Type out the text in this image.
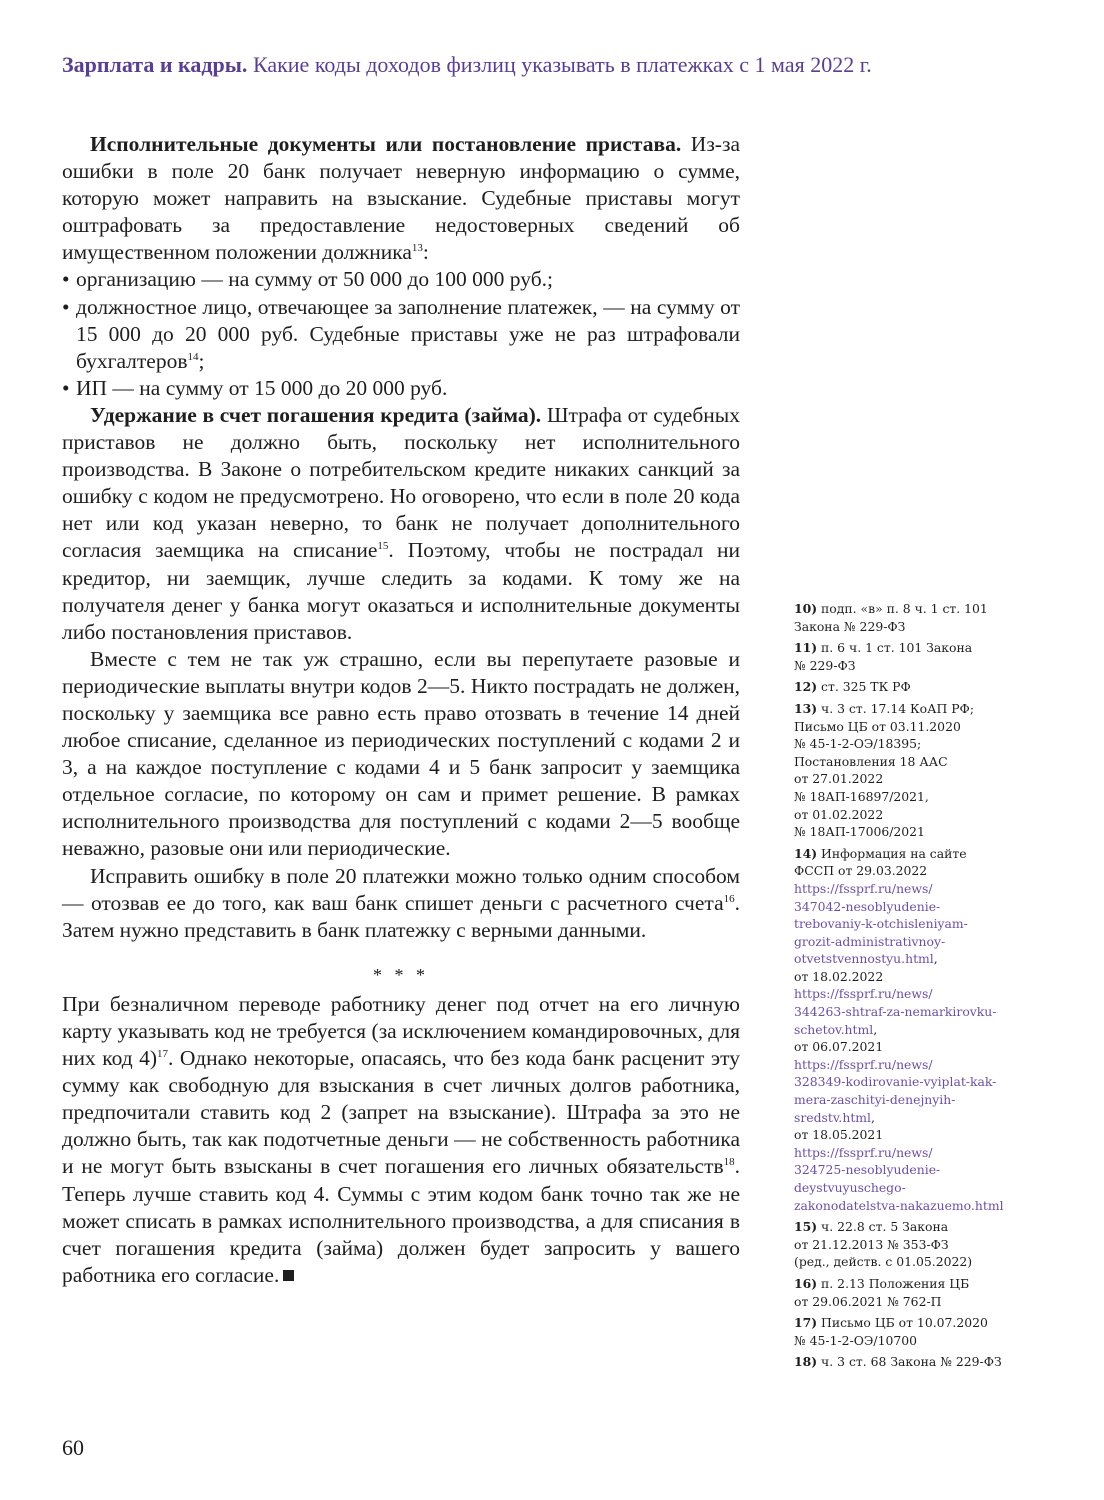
Зарплата и кадры. Какие коды доходов физлиц указывать в платежках с 1 мая 2022 г.

Исполнительные документы или постановление пристава. Из-за ошибки в поле 20 банк получает неверную информацию о сумме, которую может направить на взыскание. Судебные приставы могут оштрафовать за предоставление недостоверных сведений об имущественном положении должника$^{13}$:

• организацию — на сумму от 50 000 до 100 000 руб.;
• должностное лицо, отвечающее за заполнение платежек, — на сумму от 15 000 до 20 000 руб. Судебные приставы уже не раз штрафовали бухгалтеров$^{14}$;
• ИП — на сумму от 15 000 до 20 000 руб.

Удержание в счет погашения кредита (займа). Штрафа от судебных приставов не должно быть, поскольку нет исполнительного производства. В Законе о потребительском кредите никаких санкций за ошибку с кодом не предусмотрено. Но оговорено, что если в поле 20 кода нет или код указан неверно, то банк не получает дополнительного согласия заемщика на списание$^{15}$. Поэтому, чтобы не пострадал ни кредитор, ни заемщик, лучше следить за кодами. К тому же на получателя денег у банка могут оказаться и исполнительные документы либо постановления приставов.

Вместе с тем не так уж страшно, если вы перепутаете разовые и периодические выплаты внутри кодов 2—5. Никто пострадать не должен, поскольку у заемщика все равно есть право отозвать в течение 14 дней любое списание, сделанное из периодических поступлений с кодами 2 и 3, а на каждое поступление с кодами 4 и 5 банк запросит у заемщика отдельное согласие, по которому он сам и примет решение. В рамках исполнительного производства для поступлений с кодами 2—5 вообще неважно, разовые они или периодические.

Исправить ошибку в поле 20 платежки можно только одним способом — отозвав ее до того, как ваш банк спишет деньги с расчетного счета$^{16}$. Затем нужно представить в банк платежку с верными данными.

* * *

При безналичном переводе работнику денег под отчет на его личную карту указывать код не требуется (за исключением командировочных, для них код 4)$^{17}$. Однако некоторые, опасаясь, что без кода банк расценит эту сумму как свободную для взыскания в счет личных долгов работника, предпочитали ставить код 2 (запрет на взыскание). Штрафа за это не должно быть, так как подотчетные деньги — не собственность работника и не могут быть взысканы в счет погашения его личных обязательств$^{18}$. Теперь лучше ставить код 4. Суммы с этим кодом банк точно так же не может списать в рамках исполнительного производства, а для списания в счет погашения кредита (займа) должен будет запросить у вашего работника его согласие.

10) подп. «в» п. 8 ч. 1 ст. 101
Закона № 229-ФЗ
11) п. 6 ч. 1 ст. 101 Закона
№ 229-ФЗ
12) ст. 325 ТК РФ
13) ч. 3 ст. 17.14 КоАП РФ;
Письмо ЦБ от 03.11.2020
№ 45-1-2-ОЭ/18395;
Постановления 18 ААС
от 27.01.2022
№ 18АП-16897/2021,
от 01.02.2022
№ 18АП-17006/2021
14) Информация на сайте
ФССП от 29.03.2022
https://fssprf.ru/news/
347042-nesoblyudenie-
trebovaniy-k-otchisleniyam-
grozit-administrativnoy-
otvetstvennostyu.html,
от 18.02.2022
https://fssprf.ru/news/
344263-shtraf-za-nemarkirovku-
schetov.html,
от 06.07.2021
https://fssprf.ru/news/
328349-kodirovanie-vyiplat-kak-
mera-zaschityi-denejnyih-
sredstv.html,
от 18.05.2021
https://fssprf.ru/news/
324725-nesoblyudenie-
deystvuyuschego-
zakonodatelstva-nakazuemo.html
15) ч. 22.8 ст. 5 Закона
от 21.12.2013 № 353-ФЗ
(ред., действ. с 01.05.2022)
16) п. 2.13 Положения ЦБ
от 29.06.2021 № 762-П
17) Письмо ЦБ от 10.07.2020
№ 45-1-2-ОЭ/10700
18) ч. 3 ст. 68 Закона № 229-ФЗ
60
